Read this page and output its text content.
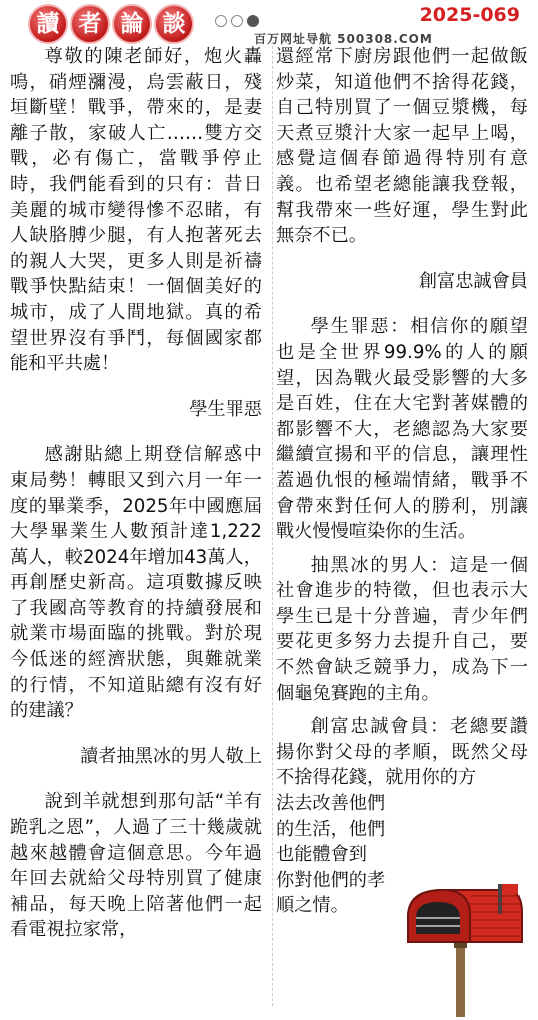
讀 者 論 談	2025-069
百万网址导航 500308.COM

尊敬的陳老師好，炮火轟鳴，硝煙瀰漫，烏雲蔽日，殘垣斷壁！戰爭，帶來的，是妻離子散，家破人亡……雙方交戰，必有傷亡，當戰爭停止時，我們能看到的只有：昔日美麗的城市變得慘不忍睹，有人缺胳膊少腿，有人抱著死去的親人大哭，更多人則是祈禱戰爭快點結束！一個個美好的城市，成了人間地獄。真的希望世界沒有爭鬥，每個國家都能和平共處！

學生罪惡

感謝貼總上期登信解惑中東局勢！轉眼又到六月一年一度的畢業季，2025年中國應屆大學畢業生人數預計達1,222萬人，較2024年增加43萬人，再創歷史新高。這項數據反映了我國高等教育的持續發展和就業市場面臨的挑戰。對於現今低迷的經濟狀態，與難就業的行情，不知道貼總有沒有好的建議？

讀者抽黑冰的男人敬上

說到羊就想到那句話“羊有跪乳之恩”，人過了三十幾歲就越來越體會這個意思。今年過年回去就給父母特別買了健康補品，每天晚上陪著他們一起看電視拉家常，

還經常下廚房跟他們一起做飯炒菜，知道他們不捨得花錢，自己特別買了一個豆漿機，每天煮豆漿汁大家一起早上喝，感覺這個春節過得特別有意義。也希望老總能讓我登報，幫我帶來一些好運，學生對此無奈不已。

創富忠誠會員

學生罪惡：相信你的願望也是全世界99.9%的人的願望，因為戰火最受影響的大多是百姓，住在大宅對著媒體的都影響不大，老總認為大家要繼續宣揚和平的信息，讓理性蓋過仇恨的極端情緒，戰爭不會帶來對任何人的勝利，別讓戰火慢慢喧染你的生活。

抽黑冰的男人：這是一個社會進步的特徵，但也表示大學生已是十分普遍，青少年們要花更多努力去提升自己，要不然會缺乏競爭力，成為下一個龜兔賽跑的主角。

創富忠誠會員：老總要讚揚你對父母的孝順，既然父母不捨得花錢，就用你的方

法去改善他們
的生活，他們
也能體會到
你對他們的孝
順之情。
